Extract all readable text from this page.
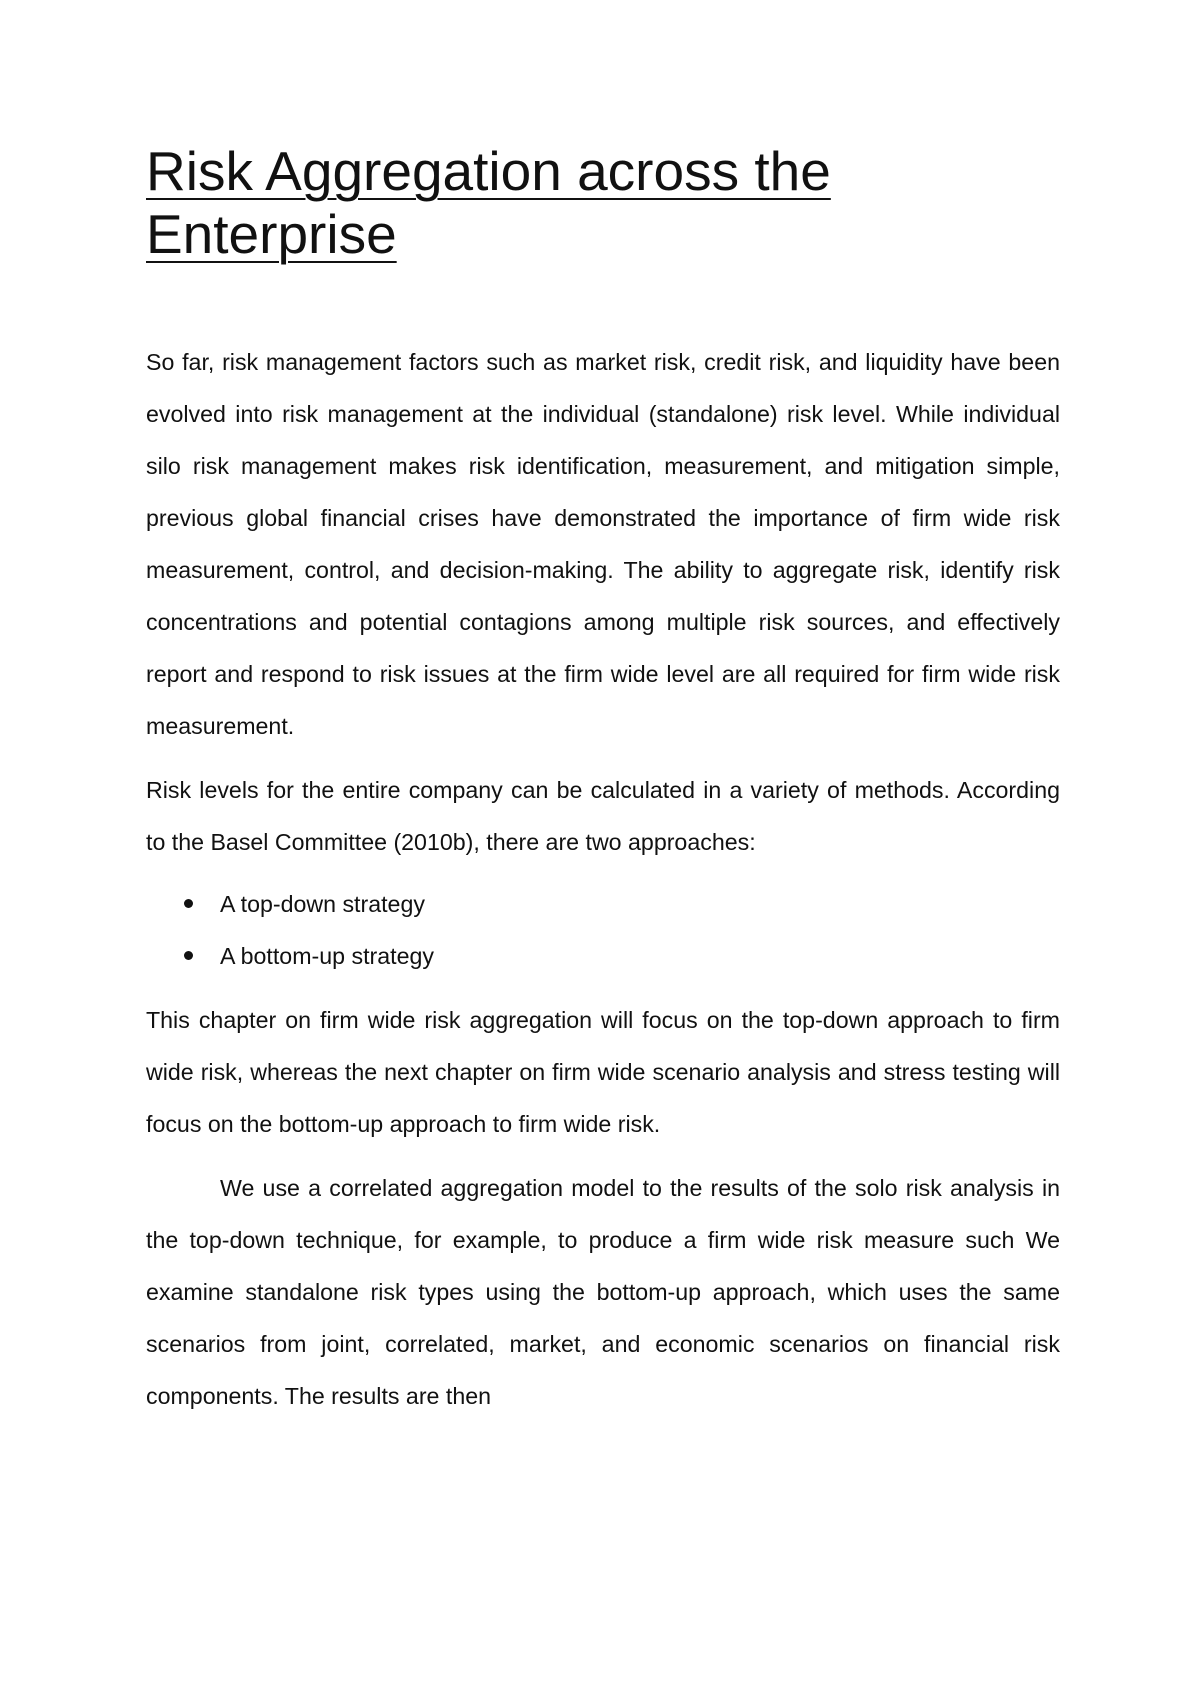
Risk Aggregation across the Enterprise

So far, risk management factors such as market risk, credit risk, and liquidity have been evolved into risk management at the individual (standalone) risk level. While individual silo risk management makes risk identification, measurement, and mitigation simple, previous global financial crises have demonstrated the importance of firm wide risk measurement, control, and decision-making. The ability to aggregate risk, identify risk concentrations and potential contagions among multiple risk sources, and effectively report and respond to risk issues at the firm wide level are all required for firm wide risk measurement.

Risk levels for the entire company can be calculated in a variety of methods. According to the Basel Committee (2010b), there are two approaches:

A top-down strategy
A bottom-up strategy

This chapter on firm wide risk aggregation will focus on the top-down approach to firm wide risk, whereas the next chapter on firm wide scenario analysis and stress testing will focus on the bottom-up approach to firm wide risk.

We use a correlated aggregation model to the results of the solo risk analysis in the top-down technique, for example, to produce a firm wide risk measure such We examine standalone risk types using the bottom-up approach, which uses the same scenarios from joint, correlated, market, and economic scenarios on financial risk components. The results are then
